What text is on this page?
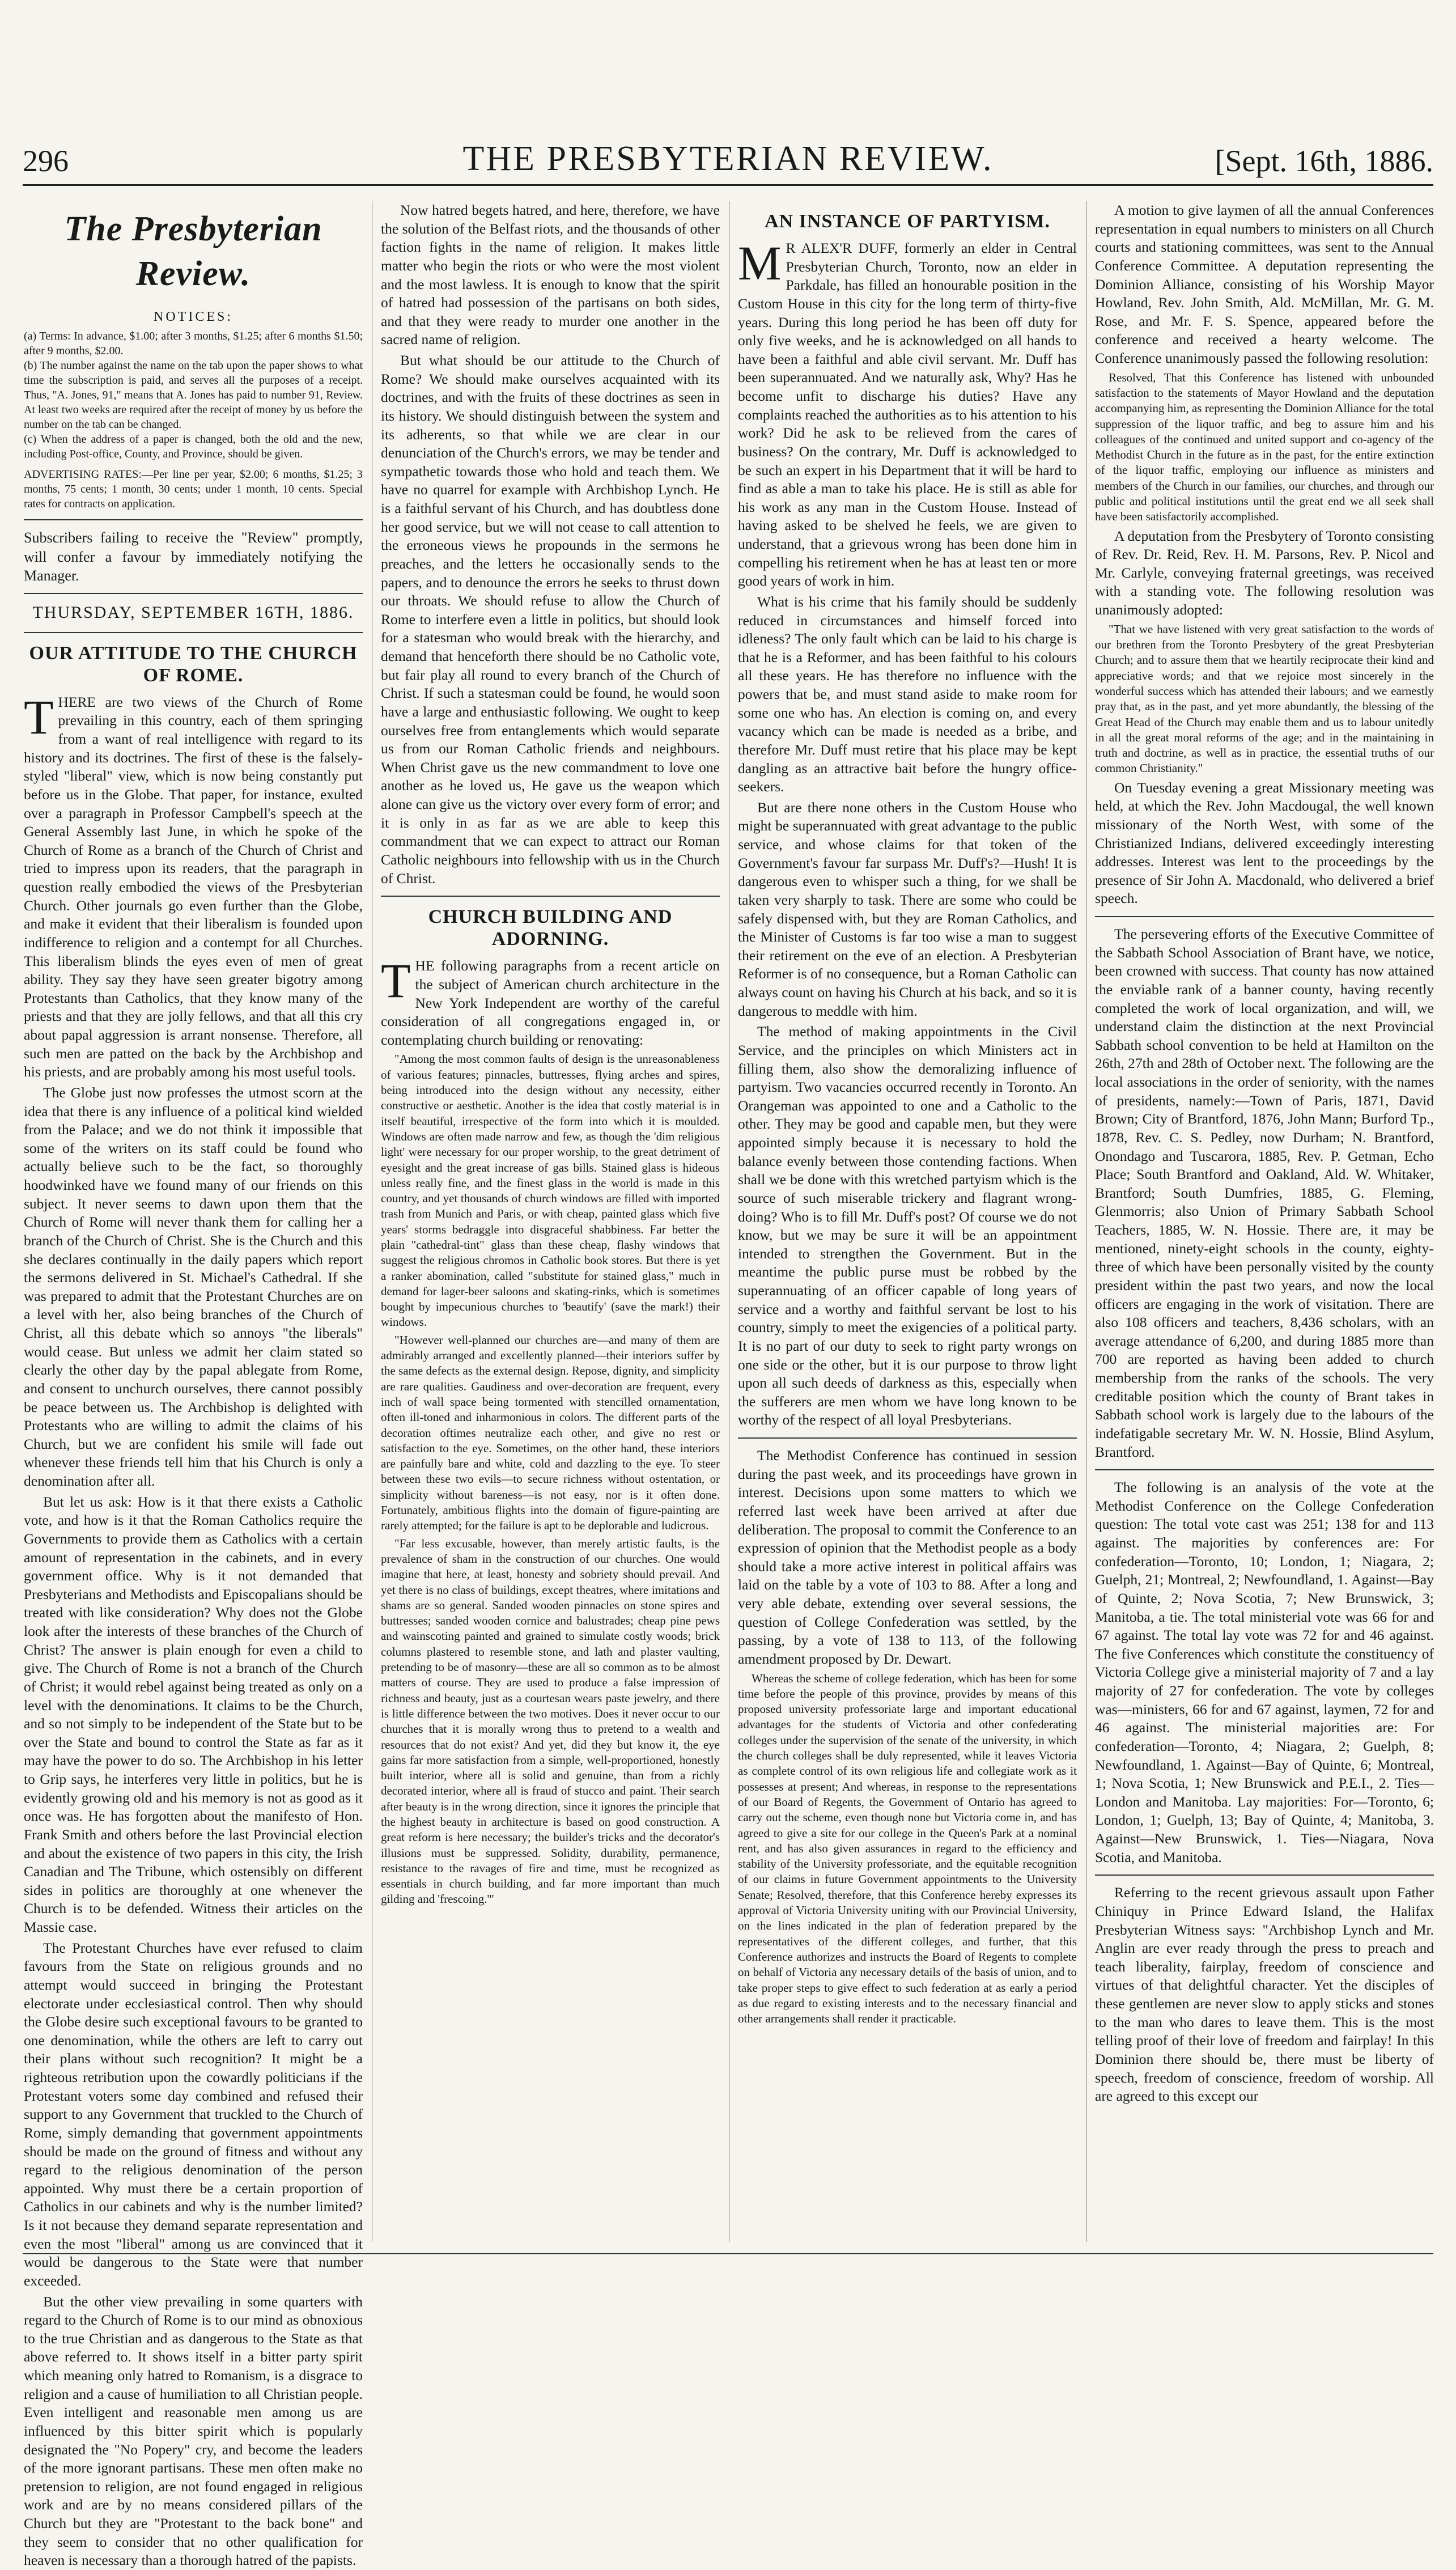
296	THE PRESBYTERIAN REVIEW.	[Sept. 16th, 1886.
The Presbyterian Review.
NOTICES:
(a) Terms: In advance, $1.00; after 3 months, $1.25; after 6 months $1.50; after 9 months, $2.00.
(b) The number against the name on the tab upon the paper shows to what time the subscription is paid, and serves all the purposes of a receipt. Thus, "A. Jones, 91," means that A. Jones has paid to number 91, Review. At least two weeks are required after the receipt of money by us before the number on the tab can be changed.
(c) When the address of a paper is changed, both the old and the new, including Post-office, County, and Province, should be given.
ADVERTISING RATES:—Per line per year, $2.00; 6 months, $1.25; 3 months, 75 cents; 1 month, 30 cents; under 1 month, 10 cents. Special rates for contracts on application.
Subscribers failing to receive the "Review" promptly, will confer a favour by immediately notifying the Manager.
THURSDAY, SEPTEMBER 16TH, 1886.
OUR ATTITUDE TO THE CHURCH OF ROME.

THERE are two views of the Church of Rome prevailing in this country, each of them springing from a want of real intelligence with regard to its history and its doctrines. The first of these is the falsely-styled "liberal" view, which is now being constantly put before us in the Globe. That paper, for instance, exulted over a paragraph in Professor Campbell's speech at the General Assembly last June, in which he spoke of the Church of Rome as a branch of the Church of Christ and tried to impress upon its readers, that the paragraph in question really embodied the views of the Presbyterian Church. Other journals go even further than the Globe, and make it evident that their liberalism is founded upon indifference to religion and a contempt for all Churches. This liberalism blinds the eyes even of men of great ability. They say they have seen greater bigotry among Protestants than Catholics, that they know many of the priests and that they are jolly fellows, and that all this cry about papal aggression is arrant nonsense. Therefore, all such men are patted on the back by the Archbishop and his priests, and are probably among his most useful tools.

The Globe just now professes the utmost scorn at the idea that there is any influence of a political kind wielded from the Palace; and we do not think it impossible that some of the writers on its staff could be found who actually believe such to be the fact, so thoroughly hoodwinked have we found many of our friends on this subject. It never seems to dawn upon them that the Church of Rome will never thank them for calling her a branch of the Church of Christ. She is the Church and this she declares continually in the daily papers which report the sermons delivered in St. Michael's Cathedral. If she was prepared to admit that the Protestant Churches are on a level with her, also being branches of the Church of Christ, all this debate which so annoys "the liberals" would cease. But unless we admit her claim stated so clearly the other day by the papal ablegate from Rome, and consent to unchurch ourselves, there cannot possibly be peace between us. The Archbishop is delighted with Protestants who are willing to admit the claims of his Church, but we are confident his smile will fade out whenever these friends tell him that his Church is only a denomination after all.

But let us ask: How is it that there exists a Catholic vote, and how is it that the Roman Catholics require the Governments to provide them as Catholics with a certain amount of representation in the cabinets, and in every government office. Why is it not demanded that Presbyterians and Methodists and Episcopalians should be treated with like consideration? Why does not the Globe look after the interests of these branches of the Church of Christ? The answer is plain enough for even a child to give. The Church of Rome is not a branch of the Church of Christ; it would rebel against being treated as only on a level with the denominations. It claims to be the Church, and so not simply to be independent of the State but to be over the State and bound to control the State as far as it may have the power to do so. The Archbishop in his letter to Grip says, he interferes very little in politics, but he is evidently growing old and his memory is not as good as it once was. He has forgotten about the manifesto of Hon. Frank Smith and others before the last Provincial election and about the existence of two papers in this city, the Irish Canadian and The Tribune, which ostensibly on different sides in politics are thoroughly at one whenever the Church is to be defended. Witness their articles on the Massie case.

The Protestant Churches have ever refused to claim favours from the State on religious grounds and no attempt would succeed in bringing the Protestant electorate under ecclesiastical control. Then why should the Globe desire such exceptional favours to be granted to one denomination, while the others are left to carry out their plans without such recognition? It might be a righteous retribution upon the cowardly politicians if the Protestant voters some day combined and refused their support to any Government that truckled to the Church of Rome, simply demanding that government appointments should be made on the ground of fitness and without any regard to the religious denomination of the person appointed. Why must there be a certain proportion of Catholics in our cabinets and why is the number limited? Is it not because they demand separate representation and even the most "liberal" among us are convinced that it would be dangerous to the State were that number exceeded.

But the other view prevailing in some quarters with regard to the Church of Rome is to our mind as obnoxious to the true Christian and as dangerous to the State as that above referred to. It shows itself in a bitter party spirit which meaning only hatred to Romanism, is a disgrace to religion and a cause of humiliation to all Christian people. Even intelligent and reasonable men among us are influenced by this bitter spirit which is popularly designated the "No Popery" cry, and become the leaders of the more ignorant partisans. These men often make no pretension to religion, are not found engaged in religious work and are by no means considered pillars of the Church but they are "Protestant to the back bone" and they seem to consider that no other qualification for heaven is necessary than a thorough hatred of the papists.

Now hatred begets hatred, and here, therefore, we have the solution of the Belfast riots, and the thousands of other faction fights in the name of religion. It makes little matter who begin the riots or who were the most violent and the most lawless. It is enough to know that the spirit of hatred had possession of the partisans on both sides, and that they were ready to murder one another in the sacred name of religion.

But what should be our attitude to the Church of Rome? We should make ourselves acquainted with its doctrines, and with the fruits of these doctrines as seen in its history. We should distinguish between the system and its adherents, so that while we are clear in our denunciation of the Church's errors, we may be tender and sympathetic towards those who hold and teach them. We have no quarrel for example with Archbishop Lynch. He is a faithful servant of his Church, and has doubtless done her good service, but we will not cease to call attention to the erroneous views he propounds in the sermons he preaches, and the letters he occasionally sends to the papers, and to denounce the errors he seeks to thrust down our throats. We should refuse to allow the Church of Rome to interfere even a little in politics, but should look for a statesman who would break with the hierarchy, and demand that henceforth there should be no Catholic vote, but fair play all round to every branch of the Church of Christ. If such a statesman could be found, he would soon have a large and enthusiastic following. We ought to keep ourselves free from entanglements which would separate us from our Roman Catholic friends and neighbours. When Christ gave us the new commandment to love one another as he loved us, He gave us the weapon which alone can give us the victory over every form of error; and it is only in as far as we are able to keep this commandment that we can expect to attract our Roman Catholic neighbours into fellowship with us in the Church of Christ.

CHURCH BUILDING AND ADORNING.

THE following paragraphs from a recent article on the subject of American church architecture in the New York Independent are worthy of the careful consideration of all congregations engaged in, or contemplating church building or renovating:

"Among the most common faults of design is the unreasonableness of various features; pinnacles, buttresses, flying arches and spires, being introduced into the design without any necessity, either constructive or aesthetic. Another is the idea that costly material is in itself beautiful, irrespective of the form into which it is moulded. Windows are often made narrow and few, as though the 'dim religious light' were necessary for our proper worship, to the great detriment of eyesight and the great increase of gas bills. Stained glass is hideous unless really fine, and the finest glass in the world is made in this country, and yet thousands of church windows are filled with imported trash from Munich and Paris, or with cheap, painted glass which five years' storms bedraggle into disgraceful shabbiness. Far better the plain "cathedral-tint" glass than these cheap, flashy windows that suggest the religious chromos in Catholic book stores. But there is yet a ranker abomination, called "substitute for stained glass," much in demand for lager-beer saloons and skating-rinks, which is sometimes bought by impecunious churches to 'beautify' (save the mark!) their windows.

"However well-planned our churches are—and many of them are admirably arranged and excellently planned—their interiors suffer by the same defects as the external design. Repose, dignity, and simplicity are rare qualities. Gaudiness and over-decoration are frequent, every inch of wall space being tormented with stencilled ornamentation, often ill-toned and inharmonious in colors. The different parts of the decoration oftimes neutralize each other, and give no rest or satisfaction to the eye. Sometimes, on the other hand, these interiors are painfully bare and white, cold and dazzling to the eye. To steer between these two evils—to secure richness without ostentation, or simplicity without bareness—is not easy, nor is it often done. Fortunately, ambitious flights into the domain of figure-painting are rarely attempted; for the failure is apt to be deplorable and ludicrous.

"Far less excusable, however, than merely artistic faults, is the prevalence of sham in the construction of our churches. One would imagine that here, at least, honesty and sobriety should prevail. And yet there is no class of buildings, except theatres, where imitations and shams are so general. Sanded wooden pinnacles on stone spires and buttresses; sanded wooden cornice and balustrades; cheap pine pews and wainscoting painted and grained to simulate costly woods; brick columns plastered to resemble stone, and lath and plaster vaulting, pretending to be of masonry—these are all so common as to be almost matters of course. They are used to produce a false impression of richness and beauty, just as a courtesan wears paste jewelry, and there is little difference between the two motives. Does it never occur to our churches that it is morally wrong thus to pretend to a wealth and resources that do not exist? And yet, did they but know it, the eye gains far more satisfaction from a simple, well-proportioned, honestly built interior, where all is solid and genuine, than from a richly decorated interior, where all is fraud of stucco and paint. Their search after beauty is in the wrong direction, since it ignores the principle that the highest beauty in architecture is based on good construction. A great reform is here necessary; the builder's tricks and the decorator's illusions must be suppressed. Solidity, durability, permanence, resistance to the ravages of fire and time, must be recognized as essentials in church building, and far more important than much gilding and 'frescoing.'"

AN INSTANCE OF PARTYISM.

M R ALEX'R DUFF, formerly an elder in Central Presbyterian Church, Toronto, now an elder in Parkdale, has filled an honourable position in the Custom House in this city for the long term of thirty-five years. During this long period he has been off duty for only five weeks, and he is acknowledged on all hands to have been a faithful and able civil servant. Mr. Duff has been superannuated. And we naturally ask, Why? Has he become unfit to discharge his duties? Have any complaints reached the authorities as to his attention to his work? Did he ask to be relieved from the cares of business? On the contrary, Mr. Duff is acknowledged to be such an expert in his Department that it will be hard to find as able a man to take his place. He is still as able for his work as any man in the Custom House. Instead of having asked to be shelved he feels, we are given to understand, that a grievous wrong has been done him in compelling his retirement when he has at least ten or more good years of work in him.

What is his crime that his family should be suddenly reduced in circumstances and himself forced into idleness? The only fault which can be laid to his charge is that he is a Reformer, and has been faithful to his colours all these years. He has therefore no influence with the powers that be, and must stand aside to make room for some one who has. An election is coming on, and every vacancy which can be made is needed as a bribe, and therefore Mr. Duff must retire that his place may be kept dangling as an attractive bait before the hungry office-seekers.

But are there none others in the Custom House who might be superannuated with great advantage to the public service, and whose claims for that token of the Government's favour far surpass Mr. Duff's?—Hush! It is dangerous even to whisper such a thing, for we shall be taken very sharply to task. There are some who could be safely dispensed with, but they are Roman Catholics, and the Minister of Customs is far too wise a man to suggest their retirement on the eve of an election. A Presbyterian Reformer is of no consequence, but a Roman Catholic can always count on having his Church at his back, and so it is dangerous to meddle with him.

The method of making appointments in the Civil Service, and the principles on which Ministers act in filling them, also show the demoralizing influence of partyism. Two vacancies occurred recently in Toronto. An Orangeman was appointed to one and a Catholic to the other. They may be good and capable men, but they were appointed simply because it is necessary to hold the balance evenly between those contending factions. When shall we be done with this wretched partyism which is the source of such miserable trickery and flagrant wrong-doing? Who is to fill Mr. Duff's post? Of course we do not know, but we may be sure it will be an appointment intended to strengthen the Government. But in the meantime the public purse must be robbed by the superannuating of an officer capable of long years of service and a worthy and faithful servant be lost to his country, simply to meet the exigencies of a political party. It is no part of our duty to seek to right party wrongs on one side or the other, but it is our purpose to throw light upon all such deeds of darkness as this, especially when the sufferers are men whom we have long known to be worthy of the respect of all loyal Presbyterians.

The Methodist Conference has continued in session during the past week, and its proceedings have grown in interest. Decisions upon some matters to which we referred last week have been arrived at after due deliberation. The proposal to commit the Conference to an expression of opinion that the Methodist people as a body should take a more active interest in political affairs was laid on the table by a vote of 103 to 88. After a long and very able debate, extending over several sessions, the question of College Confederation was settled, by the passing, by a vote of 138 to 113, of the following amendment proposed by Dr. Dewart.

Whereas the scheme of college federation, which has been for some time before the people of this province, provides by means of this proposed university professoriate large and important educational advantages for the students of Victoria and other confederating colleges under the supervision of the senate of the university, in which the church colleges shall be duly represented, while it leaves Victoria as complete control of its own religious life and collegiate work as it possesses at present; And whereas, in response to the representations of our Board of Regents, the Government of Ontario has agreed to carry out the scheme, even though none but Victoria come in, and has agreed to give a site for our college in the Queen's Park at a nominal rent, and has also given assurances in regard to the efficiency and stability of the University professoriate, and the equitable recognition of our claims in future Government appointments to the University Senate; Resolved, therefore, that this Conference hereby expresses its approval of Victoria University uniting with our Provincial University, on the lines indicated in the plan of federation prepared by the representatives of the different colleges, and further, that this Conference authorizes and instructs the Board of Regents to complete on behalf of Victoria any necessary details of the basis of union, and to take proper steps to give effect to such federation at as early a period as due regard to existing interests and to the necessary financial and other arrangements shall render it practicable.

A motion to give laymen of all the annual Conferences representation in equal numbers to ministers on all Church courts and stationing committees, was sent to the Annual Conference Committee. A deputation representing the Dominion Alliance, consisting of his Worship Mayor Howland, Rev. John Smith, Ald. McMillan, Mr. G. M. Rose, and Mr. F. S. Spence, appeared before the conference and received a hearty welcome. The Conference unanimously passed the following resolution:

Resolved, That this Conference has listened with unbounded satisfaction to the statements of Mayor Howland and the deputation accompanying him, as representing the Dominion Alliance for the total suppression of the liquor traffic, and beg to assure him and his colleagues of the continued and united support and co-agency of the Methodist Church in the future as in the past, for the entire extinction of the liquor traffic, employing our influence as ministers and members of the Church in our families, our churches, and through our public and political institutions until the great end we all seek shall have been satisfactorily accomplished.

A deputation from the Presbytery of Toronto consisting of Rev. Dr. Reid, Rev. H. M. Parsons, Rev. P. Nicol and Mr. Carlyle, conveying fraternal greetings, was received with a standing vote. The following resolution was unanimously adopted:

"That we have listened with very great satisfaction to the words of our brethren from the Toronto Presbytery of the great Presbyterian Church; and to assure them that we heartily reciprocate their kind and appreciative words; and that we rejoice most sincerely in the wonderful success which has attended their labours; and we earnestly pray that, as in the past, and yet more abundantly, the blessing of the Great Head of the Church may enable them and us to labour unitedly in all the great moral reforms of the age; and in the maintaining in truth and doctrine, as well as in practice, the essential truths of our common Christianity."

On Tuesday evening a great Missionary meeting was held, at which the Rev. John Macdougal, the well known missionary of the North West, with some of the Christianized Indians, delivered exceedingly interesting addresses. Interest was lent to the proceedings by the presence of Sir John A. Macdonald, who delivered a brief speech.

The persevering efforts of the Executive Committee of the Sabbath School Association of Brant have, we notice, been crowned with success. That county has now attained the enviable rank of a banner county, having recently completed the work of local organization, and will, we understand claim the distinction at the next Provincial Sabbath school convention to be held at Hamilton on the 26th, 27th and 28th of October next. The following are the local associations in the order of seniority, with the names of presidents, namely:—Town of Paris, 1871, David Brown; City of Brantford, 1876, John Mann; Burford Tp., 1878, Rev. C. S. Pedley, now Durham; N. Brantford, Onondago and Tuscarora, 1885, Rev. P. Getman, Echo Place; South Brantford and Oakland, Ald. W. Whitaker, Brantford; South Dumfries, 1885, G. Fleming, Glenmorris; also Union of Primary Sabbath School Teachers, 1885, W. N. Hossie. There are, it may be mentioned, ninety-eight schools in the county, eighty-three of which have been personally visited by the county president within the past two years, and now the local officers are engaging in the work of visitation. There are also 108 officers and teachers, 8,436 scholars, with an average attendance of 6,200, and during 1885 more than 700 are reported as having been added to church membership from the ranks of the schools. The very creditable position which the county of Brant takes in Sabbath school work is largely due to the labours of the indefatigable secretary Mr. W. N. Hossie, Blind Asylum, Brantford.

The following is an analysis of the vote at the Methodist Conference on the College Confederation question: The total vote cast was 251; 138 for and 113 against. The majorities by conferences are: For confederation—Toronto, 10; London, 1; Niagara, 2; Guelph, 21; Montreal, 2; Newfoundland, 1. Against—Bay of Quinte, 2; Nova Scotia, 7; New Brunswick, 3; Manitoba, a tie. The total ministerial vote was 66 for and 67 against. The total lay vote was 72 for and 46 against. The five Conferences which constitute the constituency of Victoria College give a ministerial majority of 7 and a lay majority of 27 for confederation. The vote by colleges was—ministers, 66 for and 67 against, laymen, 72 for and 46 against. The ministerial majorities are: For confederation—Toronto, 4; Niagara, 2; Guelph, 8; Newfoundland, 1. Against—Bay of Quinte, 6; Montreal, 1; Nova Scotia, 1; New Brunswick and P.E.I., 2. Ties—London and Manitoba. Lay majorities: For—Toronto, 6; London, 1; Guelph, 13; Bay of Quinte, 4; Manitoba, 3. Against—New Brunswick, 1. Ties—Niagara, Nova Scotia, and Manitoba.

Referring to the recent grievous assault upon Father Chiniquy in Prince Edward Island, the Halifax Presbyterian Witness says: "Archbishop Lynch and Mr. Anglin are ever ready through the press to preach and teach liberality, fairplay, freedom of conscience and virtues of that delightful character. Yet the disciples of these gentlemen are never slow to apply sticks and stones to the man who dares to leave them. This is the most telling proof of their love of freedom and fairplay! In this Dominion there should be, there must be liberty of speech, freedom of conscience, freedom of worship. All are agreed to this except our
